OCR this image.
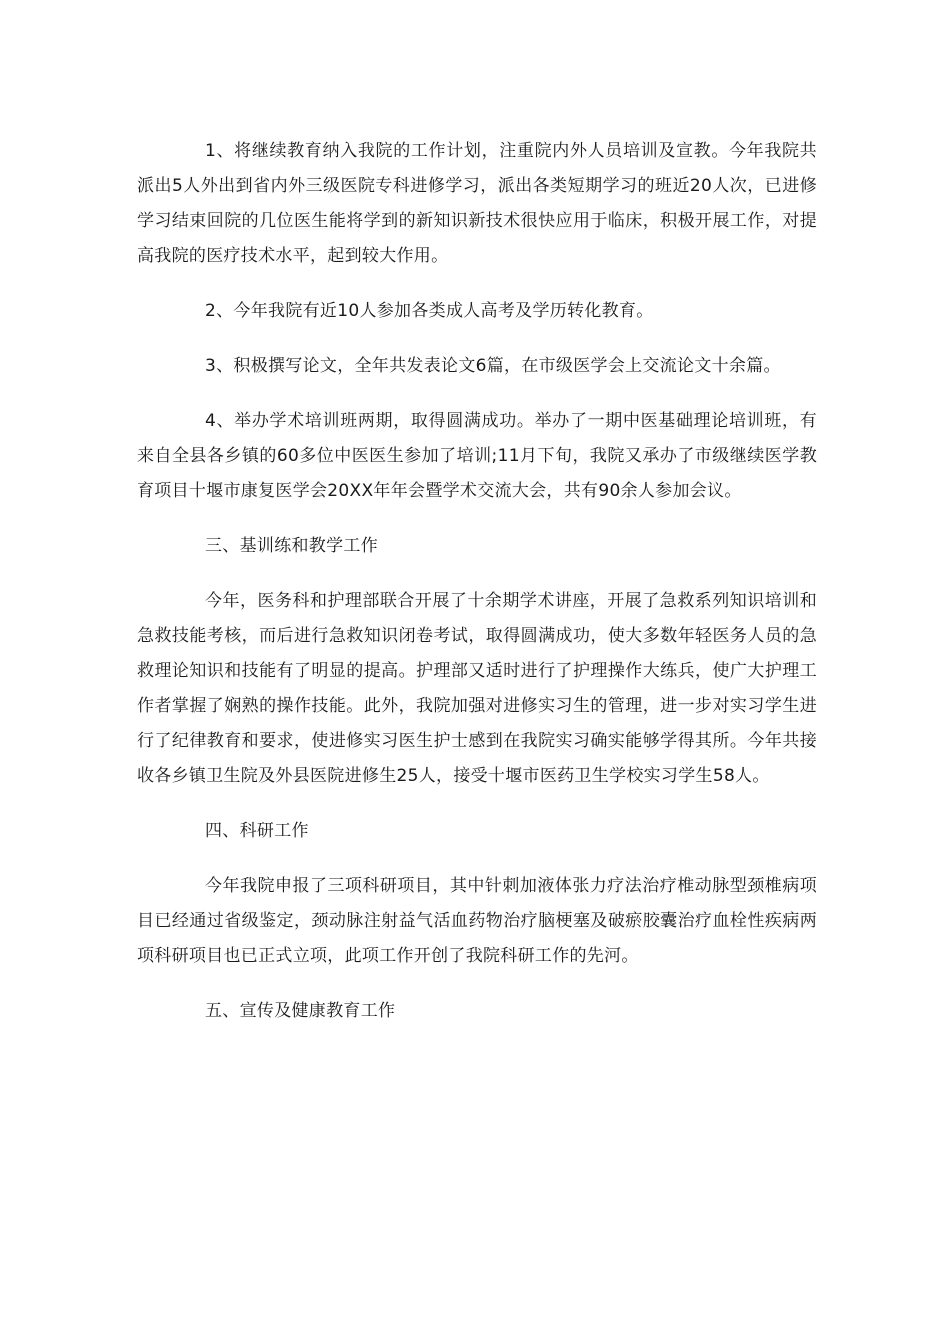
1、将继续教育纳入我院的工作计划，注重院内外人员培训及宣教。今年我院共派出5人外出到省内外三级医院专科进修学习，派出各类短期学习的班近20人次，已进修学习结束回院的几位医生能将学到的新知识新技术很快应用于临床，积极开展工作，对提高我院的医疗技术水平，起到较大作用。

2、今年我院有近10人参加各类成人高考及学历转化教育。

3、积极撰写论文，全年共发表论文6篇，在市级医学会上交流论文十余篇。

4、举办学术培训班两期，取得圆满成功。举办了一期中医基础理论培训班，有来自全县各乡镇的60多位中医医生参加了培训;11月下旬，我院又承办了市级继续医学教育项目十堰市康复医学会20XX年年会暨学术交流大会，共有90余人参加会议。

三、基训练和教学工作

今年，医务科和护理部联合开展了十余期学术讲座，开展了急救系列知识培训和急救技能考核，而后进行急救知识闭卷考试，取得圆满成功，使大多数年轻医务人员的急救理论知识和技能有了明显的提高。护理部又适时进行了护理操作大练兵，使广大护理工作者掌握了娴熟的操作技能。此外，我院加强对进修实习生的管理，进一步对实习学生进行了纪律教育和要求，使进修实习医生护士感到在我院实习确实能够学得其所。今年共接收各乡镇卫生院及外县医院进修生25人，接受十堰市医药卫生学校实习学生58人。

四、科研工作

今年我院申报了三项科研项目，其中针刺加液体张力疗法治疗椎动脉型颈椎病项目已经通过省级鉴定，颈动脉注射益气活血药物治疗脑梗塞及破瘀胶囊治疗血栓性疾病两项科研项目也已正式立项，此项工作开创了我院科研工作的先河。

五、宣传及健康教育工作
